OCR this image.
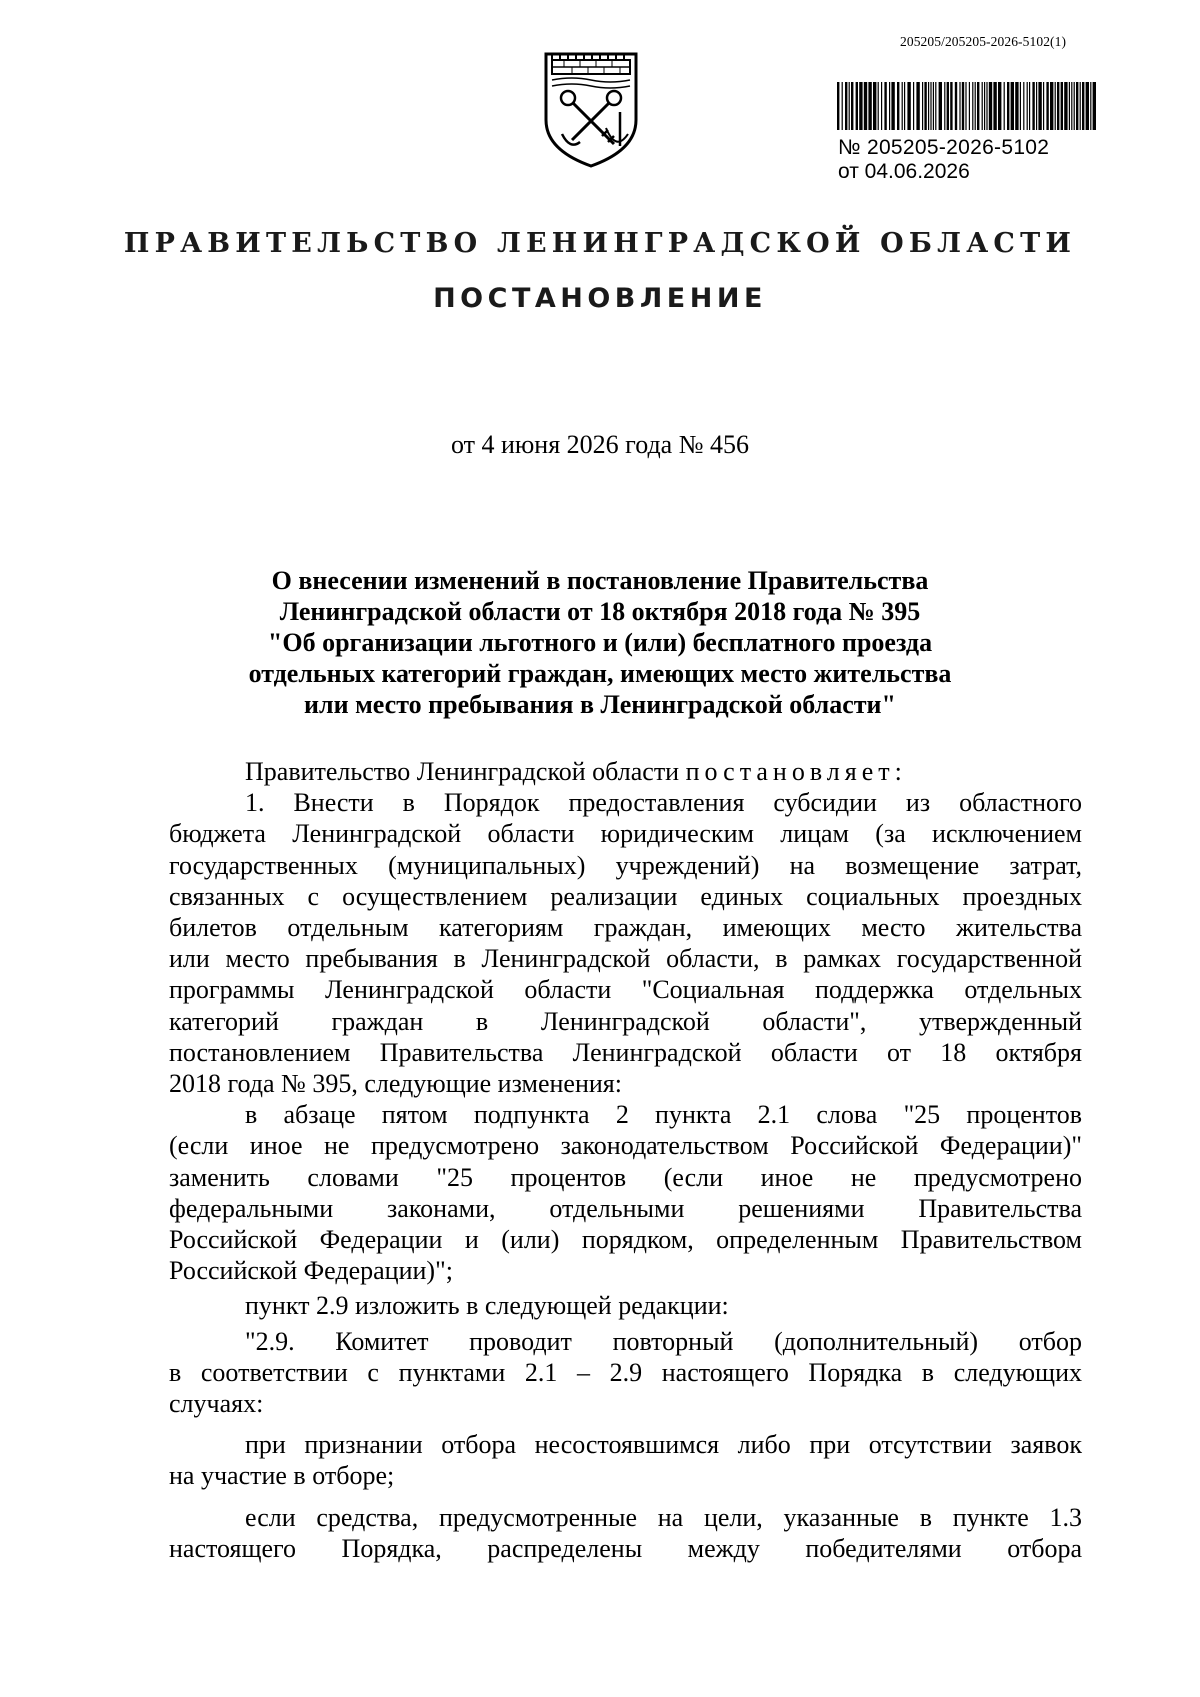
205205/205205-2026-5102(1)
№ 205205-2026-5102
от 04.06.2026
ПРАВИТЕЛЬСТВО ЛЕНИНГРАДСКОЙ ОБЛАСТИ
ПОСТАНОВЛЕНИЕ
от 4 июня 2026 года № 456
О внесении изменений в постановление Правительства
Ленинградской области от 18 октября 2018 года № 395
"Об организации льготного и (или) бесплатного проезда
отдельных категорий граждан, имеющих место жительства
или место пребывания в Ленинградской области"
Правительство Ленинградской области постановляет:
1. Внести в Порядок предоставления субсидии из областного
бюджета Ленинградской области юридическим лицам (за исключением
государственных (муниципальных) учреждений) на возмещение затрат,
связанных с осуществлением реализации единых социальных проездных
билетов отдельным категориям граждан, имеющих место жительства
или место пребывания в Ленинградской области, в рамках государственной
программы Ленинградской области "Социальная поддержка отдельных
категорий граждан в Ленинградской области", утвержденный
постановлением Правительства Ленинградской области от 18 октября
2018 года № 395, следующие изменения:
в абзаце пятом подпункта 2 пункта 2.1 слова "25 процентов
(если иное не предусмотрено законодательством Российской Федерации)"
заменить словами "25 процентов (если иное не предусмотрено
федеральными законами, отдельными решениями Правительства
Российской Федерации и (или) порядком, определенным Правительством
Российской Федерации)";
пункт 2.9 изложить в следующей редакции:
"2.9. Комитет проводит повторный (дополнительный) отбор
в соответствии с пунктами 2.1 – 2.9 настоящего Порядка в следующих
случаях:
при признании отбора несостоявшимся либо при отсутствии заявок
на участие в отборе;
если средства, предусмотренные на цели, указанные в пункте 1.3
настоящего Порядка, распределены между победителями отбора
